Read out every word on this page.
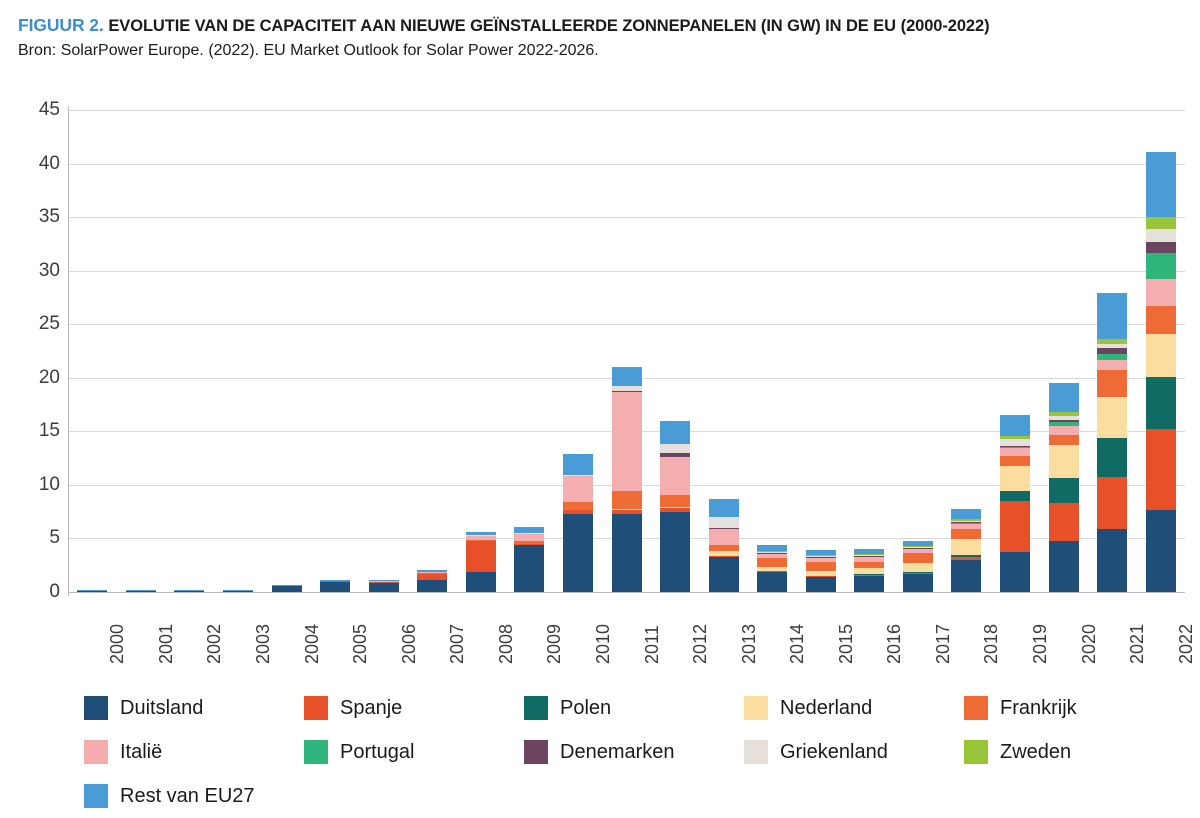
FIGUUR 2. EVOLUTIE VAN DE CAPACITEIT AAN NIEUWE GEÏNSTALLEERDE ZONNEPANELEN (IN GW) IN DE EU (2000-2022)
Bron: SolarPower Europe. (2022). EU Market Outlook for Solar Power 2022-2026.
0
5
10
15
20
25
30
35
40
45
2000 2001 2002 2003 2004 2005 2006 2007 2008 2009 2010 2011 2012 2013 2014 2015 2016 2017 2018 2019 2020 2021 2022
Duitsland	Spanje	Polen	Nederland	Frankrijk
Italië	Portugal	Denemarken	Griekenland	Zweden
Rest van EU27
